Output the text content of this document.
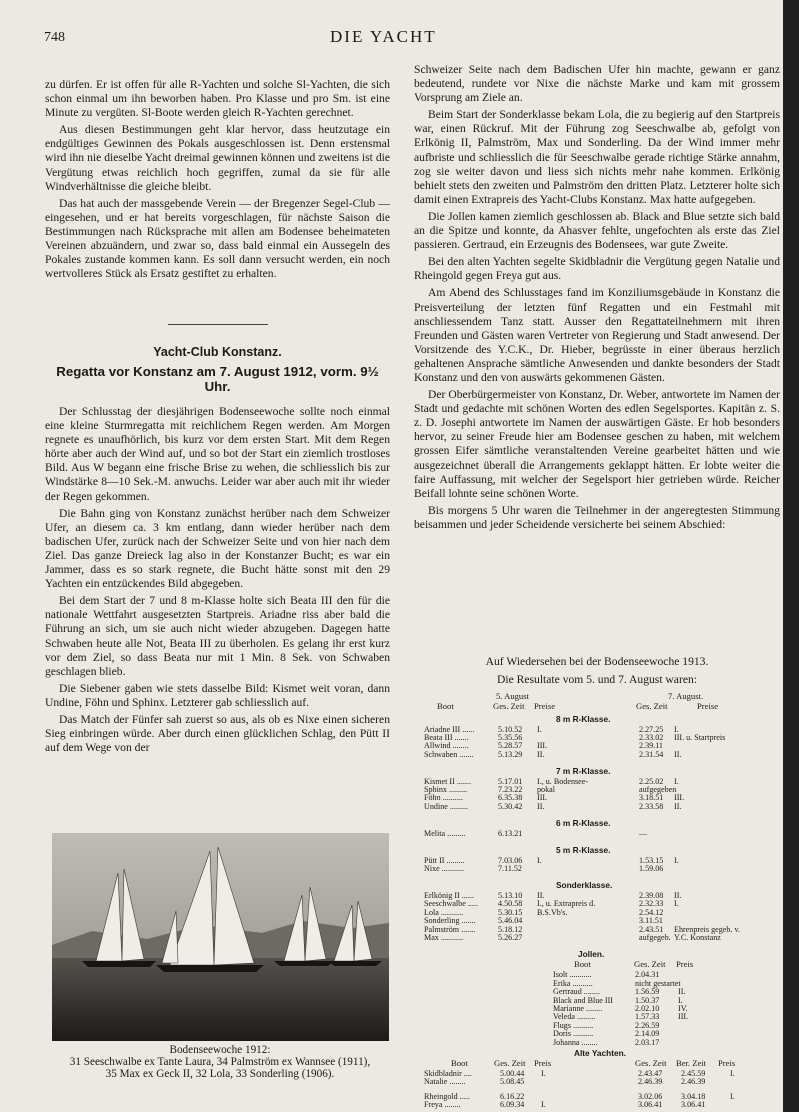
748	DIE YACHT

zu dürfen. Er ist offen für alle R-Yachten und solche Sl-Yachten, die sich schon einmal um ihn beworben haben. Pro Klasse und pro Sm. ist eine Minute zu vergüten. Sl-Boote werden gleich R-Yachten gerechnet.

Aus diesen Bestimmungen geht klar hervor, dass heutzutage ein endgültiges Gewinnen des Pokals ausgeschlossen ist. Denn erstensmal wird ihn nie dieselbe Yacht dreimal gewinnen können und zweitens ist die Vergütung etwas reichlich hoch gegriffen, zumal da sie für alle Windverhältnisse die gleiche bleibt.

Das hat auch der massgebende Verein — der Bregenzer Segel-Club — eingesehen, und er hat bereits vorgeschlagen, für nächste Saison die Bestimmungen nach Rücksprache mit allen am Bodensee beheimateten Vereinen abzuändern, und zwar so, dass bald einmal ein Aussegeln des Pokales zustande kommen kann. Es soll dann versucht werden, ein noch wertvolleres Stück als Ersatz gestiftet zu erhalten.

Yacht-Club Konstanz.
Regatta vor Konstanz am 7. August 1912, vorm. 9½ Uhr.

Der Schlusstag der diesjährigen Bodenseewoche sollte noch einmal eine kleine Sturmregatta mit reichlichem Regen werden. Am Morgen regnete es unaufhörlich, bis kurz vor dem ersten Start. Mit dem Regen hörte aber auch der Wind auf, und so bot der Start ein ziemlich trostloses Bild. Aus W begann eine frische Brise zu wehen, die schliesslich bis zur Windstärke 8—10 Sek.-M. anwuchs. Leider war aber auch mit ihr wieder der Regen gekommen.

Die Bahn ging von Konstanz zunächst herüber nach dem Schweizer Ufer, an diesem ca. 3 km entlang, dann wieder herüber nach dem badischen Ufer, zurück nach der Schweizer Seite und von hier nach dem Ziel. Das ganze Dreieck lag also in der Konstanzer Bucht; es war ein Jammer, dass es so stark regnete, die Bucht hätte sonst mit den 29 Yachten ein entzückendes Bild abgegeben.

Bei dem Start der 7 und 8 m-Klasse holte sich Beata III den für die nationale Wettfahrt ausgesetzten Startpreis. Ariadne riss aber bald die Führung an sich, um sie auch nicht wieder abzugeben. Dagegen hatte Schwaben heute alle Not, Beata III zu überholen. Es gelang ihr erst kurz vor dem Ziel, so dass Beata nur mit 1 Min. 8 Sek. von Schwaben geschlagen blieb.

Die Siebener gaben wie stets dasselbe Bild: Kismet weit voran, dann Undine, Föhn und Sphinx. Letzterer gab schliesslich auf.

Das Match der Fünfer sah zuerst so aus, als ob es Nixe einen sicheren Sieg einbringen würde. Aber durch einen glücklichen Schlag, den Pütt II auf dem Wege von der

Bodenseewoche 1912:
31 Seeschwalbe ex Tante Laura, 34 Palmström ex Wannsee (1911),
35 Max ex Geck II, 32 Lola, 33 Sonderling (1906).

Schweizer Seite nach dem Badischen Ufer hin machte, gewann er ganz bedeutend, rundete vor Nixe die nächste Marke und kam mit grossem Vorsprung am Ziele an.

Beim Start der Sonderklasse bekam Lola, die zu begierig auf den Startpreis war, einen Rückruf. Mit der Führung zog Seeschwalbe ab, gefolgt von Erlkönig II, Palmström, Max und Sonderling. Da der Wind immer mehr aufbriste und schliesslich die für Seeschwalbe gerade richtige Stärke annahm, zog sie weiter davon und liess sich nichts mehr nahe kommen. Erlkönig behielt stets den zweiten und Palmström den dritten Platz. Letzterer holte sich damit einen Extrapreis des Yacht-Clubs Konstanz. Max hatte aufgegeben.

Die Jollen kamen ziemlich geschlossen ab. Black and Blue setzte sich bald an die Spitze und konnte, da Ahasver fehlte, ungefochten als erste das Ziel passieren. Gertraud, ein Erzeugnis des Bodensees, war gute Zweite.

Bei den alten Yachten segelte Skidbladnir die Vergütung gegen Natalie und Rheingold gegen Freya gut aus.

Am Abend des Schlusstages fand im Konziliumsgebäude in Konstanz die Preisverteilung der letzten fünf Regatten und ein Festmahl mit anschliessendem Tanz statt. Ausser den Regattateilnehmern mit ihren Freunden und Gästen waren Vertreter von Regierung und Stadt anwesend. Der Vorsitzende des Y.C.K., Dr. Hieber, begrüsste in einer überaus herzlich gehaltenen Ansprache sämtliche Anwesenden und dankte besonders der Stadt Konstanz und den von auswärts gekommenen Gästen.

Der Oberbürgermeister von Konstanz, Dr. Weber, antwortete im Namen der Stadt und gedachte mit schönen Worten des edlen Segelsportes. Kapitän z. S. z. D. Josephi antwortete im Namen der auswärtigen Gäste. Er hob besonders hervor, zu seiner Freude hier am Bodensee geschen zu haben, mit welchem grossen Eifer sämtliche veranstaltenden Vereine gearbeitet hätten und wie ausgezeichnet überall die Arrangements geklappt hätten. Er lobte weiter die faire Auffassung, mit welcher der Segelsport hier getrieben würde. Reicher Beifall lohnte seine schönen Worte.

Bis morgens 5 Uhr waren die Teilnehmer in der angeregtesten Stimmung beisammen und jeder Scheidende versicherte bei seinem Abschied:

Auf Wiedersehen bei der Bodenseewoche 1913.
Die Resultate vom 5. und 7. August waren:
5. August	7. August.
Boot	Ges. Zeit Preise	Ges. Zeit	Preise
8 m R-Klasse.
Ariadne III ......	5.10.52 I.	2.27.25 I.
Beata III .......	5.35.56	2.33.02 III. u. Startpreis
Allwind ........	5.28.57 III.	2.39.11
Schwaben .......	5.13.29 II.	2.31.54 II.
7 m R-Klasse.
Kismet II .......	5.17.01 I., u. Bodensee-	2.25.02 I.
Sphinx .........	7.23.22 pokal	aufgegeben
Föhn ..........	6.35.38 III.	3.18.51 III.
Undine .........	5.30.42 II.	2.33.58 II.
6 m R-Klasse.
Melita .........	6.13.21	—
5 m R-Klasse.
Pütt II .........	7.03.06 I.	1.53.15 I.
Nixe ...........	7.11.52	1.59.06
Sonderklasse.
Erlkönig II ......	5.13.10 II.	2.39.08 II.
Seeschwalbe ..... 4.50.58 I., u. Extrapreis d.	2.32.33 I.
Lola ...........	5.30.15 B.S.Vb's.	2.54.12
Sonderling .......	5.46.04	3.11.51
Palmström .......	5.18.12	2.43.51 Ehrenpreis gegeb. v.
Max ...........	5.26.27	aufgegeb. Y.C. Konstanz
Jollen.
Boot	Ges. Zeit Preis
Isolt ...........	2.04.31
Erika ..........	nicht gestartet
Gertraud ........	1.56.59 II.
Black and Blue III	1.50.37 I.
Marianne ........	2.02.10 IV.
Veleda .........	1.57.33 III.
Flugs ..........	2.26.59
Doris ..........	2.14.09
Johanna ........	2.03.17
Alte Yachten.
Boot	Ges. Zeit Preis	Ges. Zeit Ber. Zeit Preis
Skidbladnir ....	5.00.44 I.	2.43.47 2.45.59	I.
Natalie ........	5.08.45	2.46.39 2.46.39
Rheingold .....	6.16.22	3.02.06 3.04.18	I.
Freya ........	6.09.34 I.	3.06.41 3.06.41
